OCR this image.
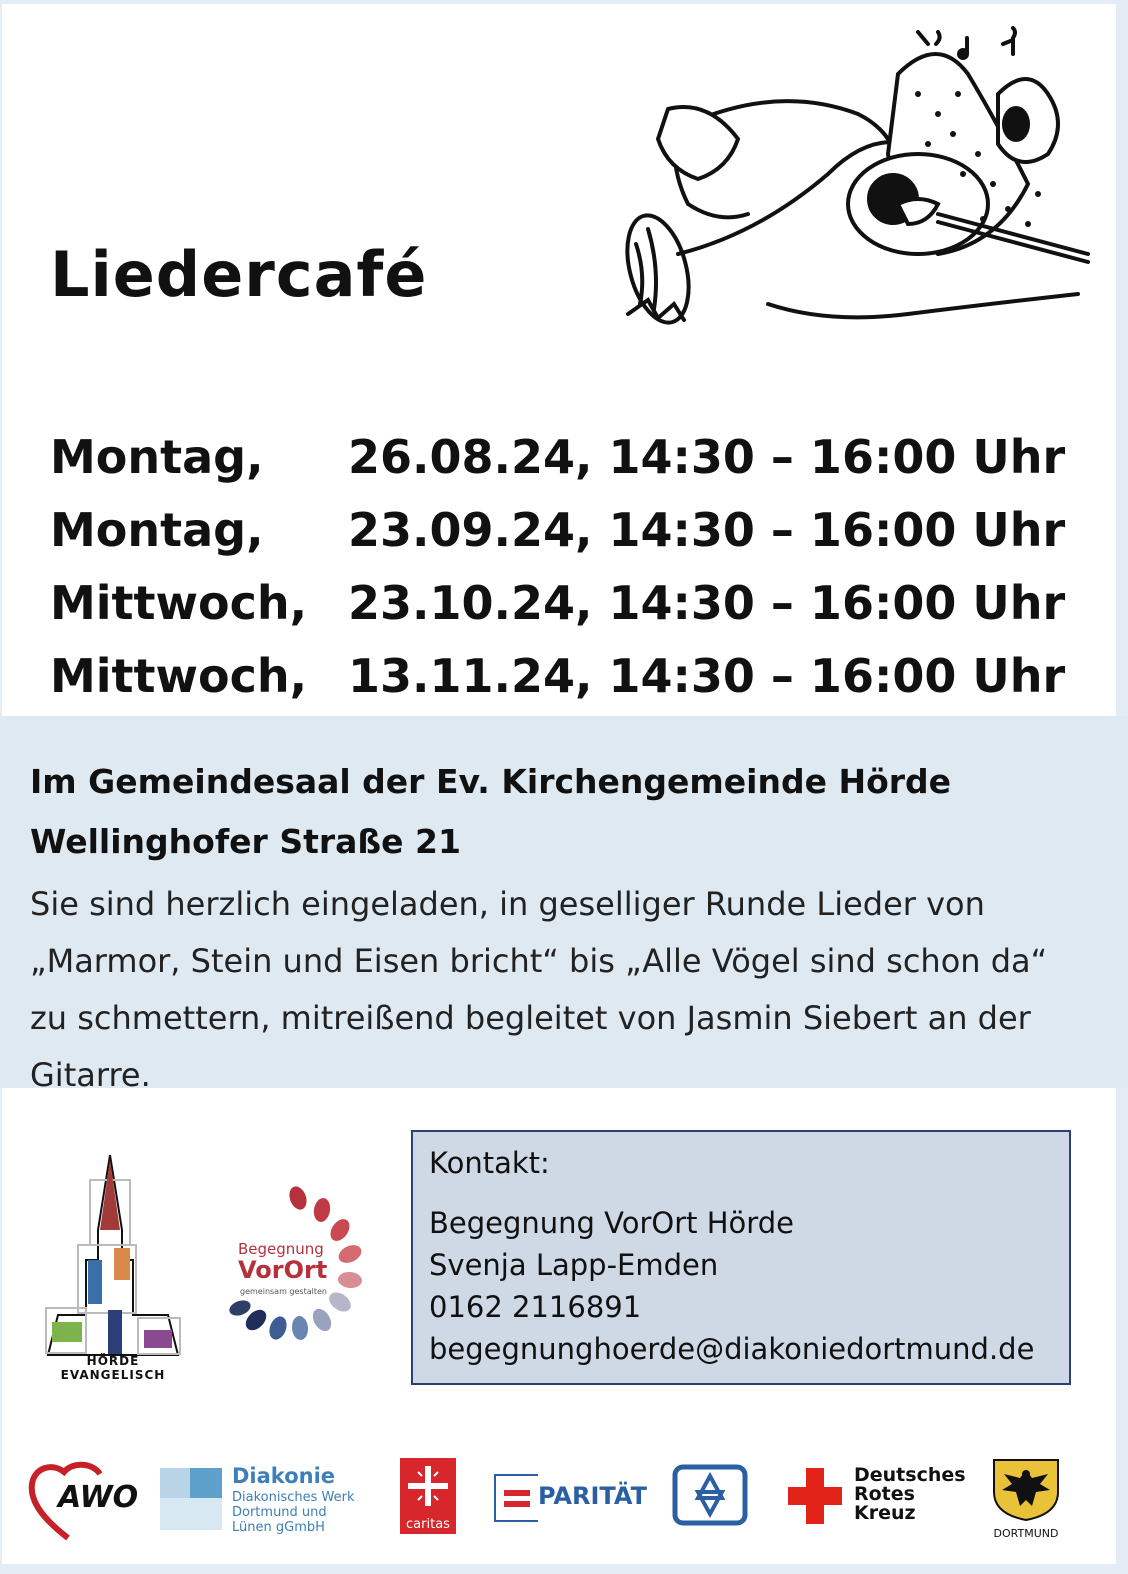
Liedercafé
Montag,	26.08.24, 14:30 – 16:00 Uhr
Montag,	23.09.24, 14:30 – 16:00 Uhr
Mittwoch, 23.10.24, 14:30 – 16:00 Uhr
Mittwoch, 13.11.24, 14:30 – 16:00 Uhr
Im Gemeindesaal der Ev. Kirchengemeinde Hörde
Wellinghofer Straße 21

Sie sind herzlich eingeladen, in geselliger Runde Lieder von „Marmor, Stein und Eisen bricht“ bis „Alle Vögel sind schon da“ zu schmettern, mitreißend begleitet von Jasmin Siebert an der Gitarre.

HÖRDE EVANGELISCH
Begegnung
VorOrt
gemeinsam gestalten
Kontakt:
Begegnung VorOrt Hörde
Svenja Lapp-Emden
0162 2116891
begegnunghoerde@diakoniedortmund.de
AWO
Diakonie
Diakonisches Werk
Dortmund und
Lünen gGmbH	caritas
PARITÄT
Deutsches
Rotes
Kreuz
DORTMUND
